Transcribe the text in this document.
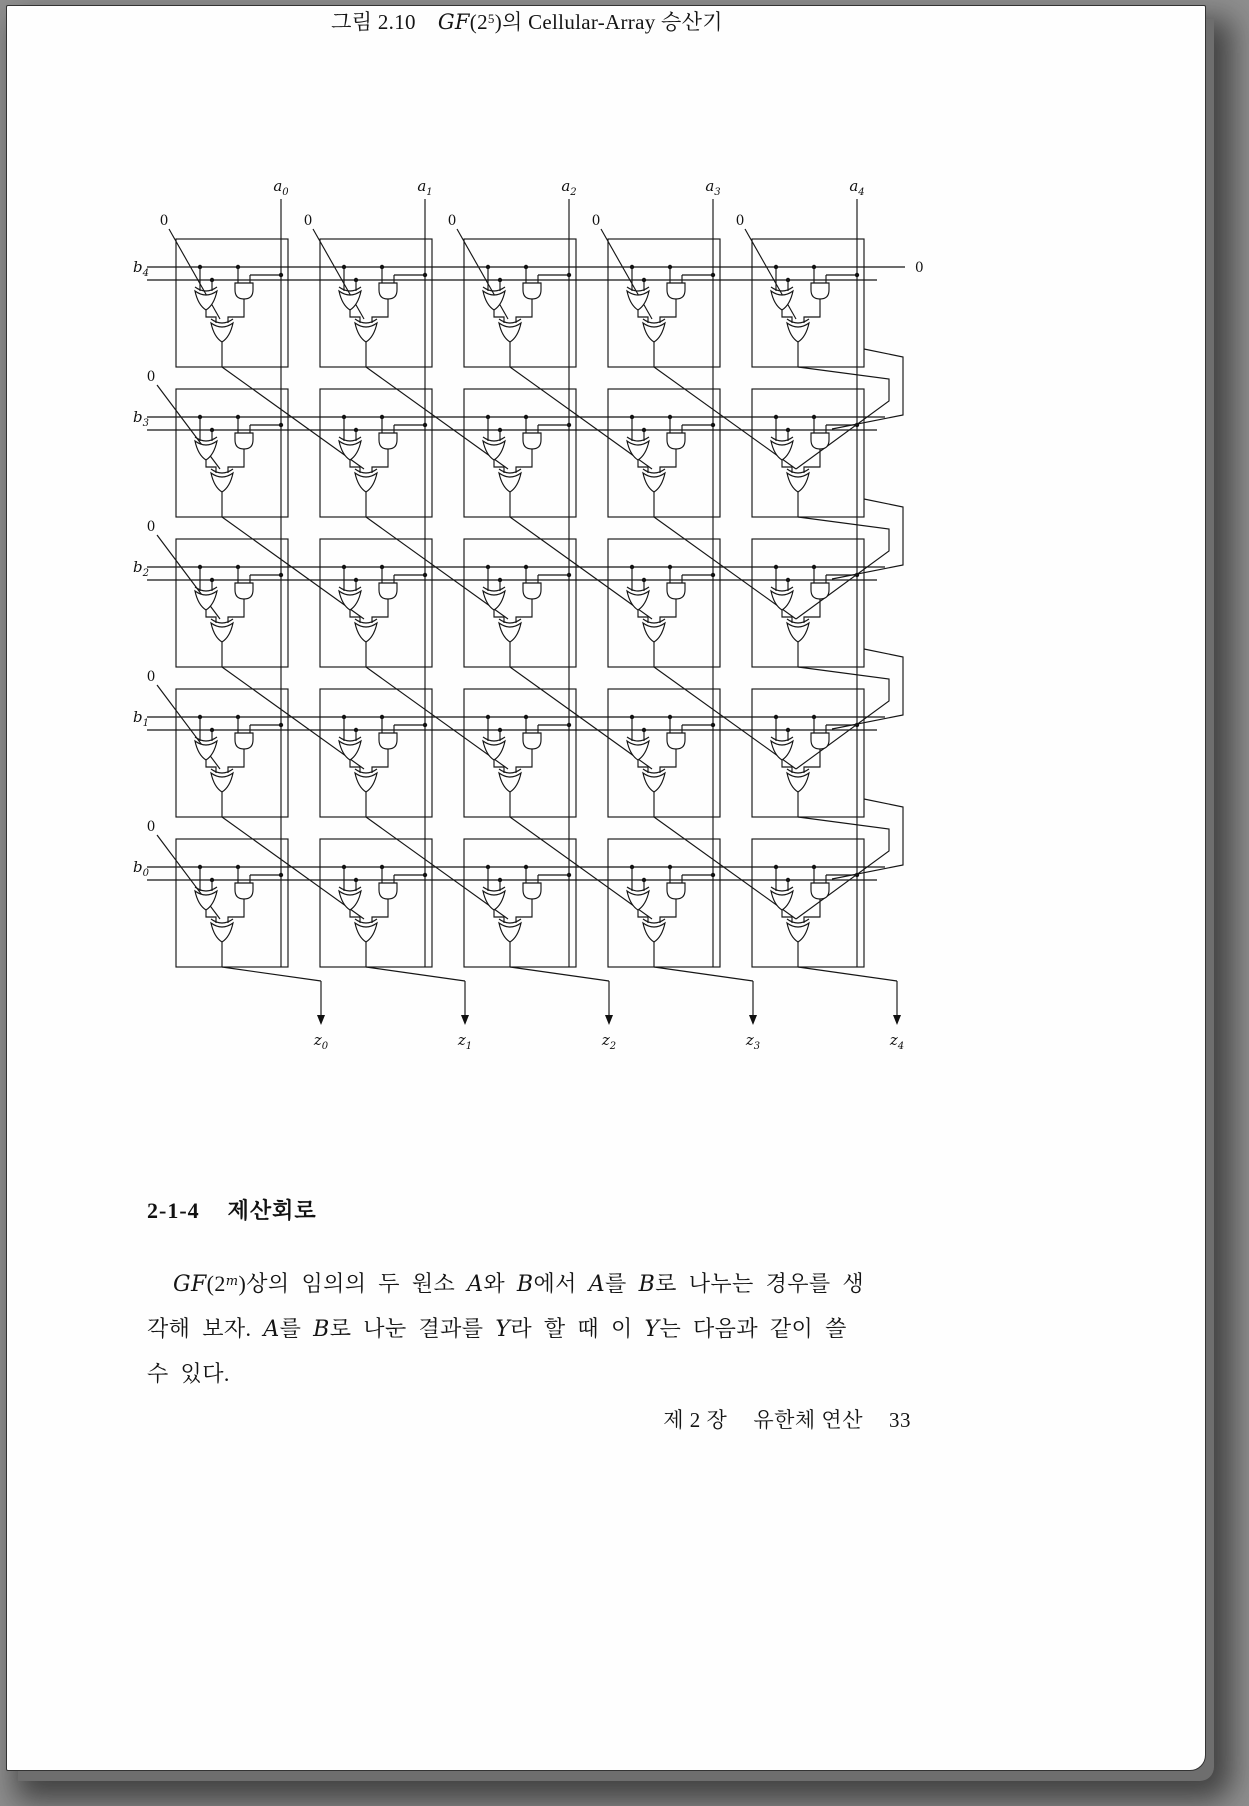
$a_0$	$a_1$	$a_2$	$a_3$	$a_4$
$b_4$	0
0	0	0	0	0
$b_3$
0
$b_2$
0
$b_1$
0
$b_0$
0
$z_0$	$z_1$	$z_2$	$z_3$	$z_4$
그림 2.10 $GF(2^5)$의 Cellular-Array 승산기
2-1-4 제산회로
GF(2$^m$)상의 임의의 두 원소 A와 B에서 A를 B로 나누는 경우를 생
각해 보자. A를 B로 나눈 결과를 Y라 할 때 이 Y는 다음과 같이 쓸
수 있다.
제 2 장 유한체 연산 33
